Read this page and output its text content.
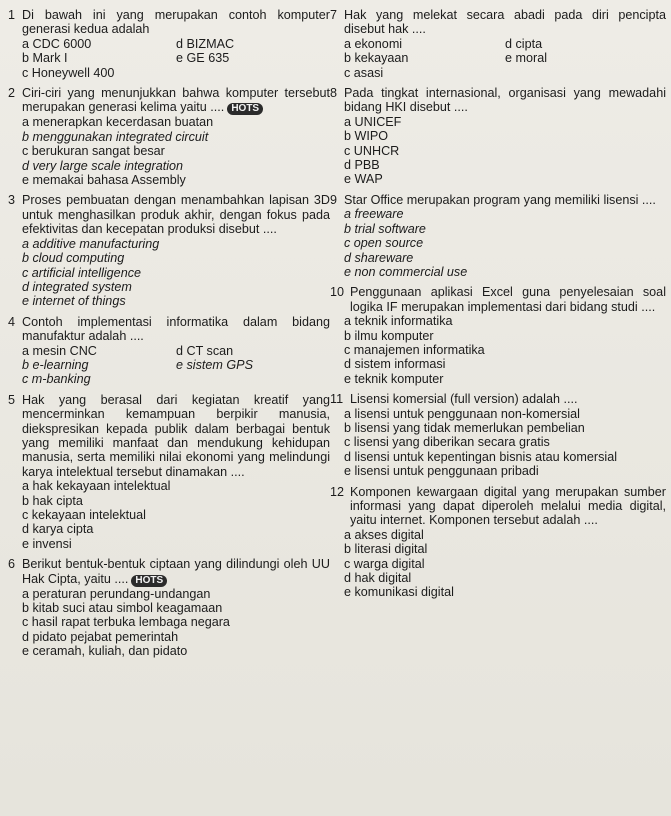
1 Di bawah ini yang merupakan contoh komputer generasi kedua adalah
a CDC 6000	d BIZMAC
b Mark I	e GE 635
c Honeywell 400
2 Ciri-ciri yang menunjukkan bahwa komputer tersebut merupakan generasi kelima yaitu .... HOTS
a menerapkan kecerdasan buatan
b menggunakan integrated circuit
c berukuran sangat besar
d very large scale integration
e memakai bahasa Assembly
3 Proses pembuatan dengan menambahkan lapisan 3D untuk menghasilkan produk akhir, dengan fokus pada efektivitas dan kecepatan produksi disebut ....
a additive manufacturing
b cloud computing
c artificial intelligence
d integrated system
e internet of things
4 Contoh implementasi informatika dalam bidang manufaktur adalah ....
a mesin CNC	d CT scan
b e-learning	e sistem GPS
c m-banking
5 Hak yang berasal dari kegiatan kreatif yang mencerminkan kemampuan berpikir manusia, diekspresikan kepada publik dalam berbagai bentuk yang memiliki manfaat dan mendukung kehidupan manusia, serta memiliki nilai ekonomi yang melindungi karya intelektual tersebut dinamakan ....
a hak kekayaan intelektual
b hak cipta
c kekayaan intelektual
d karya cipta
e invensi
6 Berikut bentuk-bentuk ciptaan yang dilindungi oleh UU Hak Cipta, yaitu .... HOTS
a peraturan perundang-undangan
b kitab suci atau simbol keagamaan
c hasil rapat terbuka lembaga negara
d pidato pejabat pemerintah
e ceramah, kuliah, dan pidato
7 Hak yang melekat secara abadi pada diri pencipta disebut hak ....
a ekonomi	d cipta
b kekayaan	e moral
c asasi
8 Pada tingkat internasional, organisasi yang mewadahi bidang HKI disebut ....
a UNICEF
b WIPO
c UNHCR
d PBB
e WAP
9 Star Office merupakan program yang memiliki lisensi ....
a freeware
b trial software
c open source
d shareware
e non commercial use
10 Penggunaan aplikasi Excel guna penyelesaian soal logika IF merupakan implementasi dari bidang studi ....
a teknik informatika
b ilmu komputer
c manajemen informatika
d sistem informasi
e teknik komputer
11 Lisensi komersial (full version) adalah ....
a lisensi untuk penggunaan non-komersial
b lisensi yang tidak memerlukan pembelian
c lisensi yang diberikan secara gratis
d lisensi untuk kepentingan bisnis atau komersial
e lisensi untuk penggunaan pribadi
12 Komponen kewargaan digital yang merupakan sumber informasi yang dapat diperoleh melalui media digital, yaitu internet. Komponen tersebut adalah ....
a akses digital
b literasi digital
c warga digital
d hak digital
e komunikasi digital
